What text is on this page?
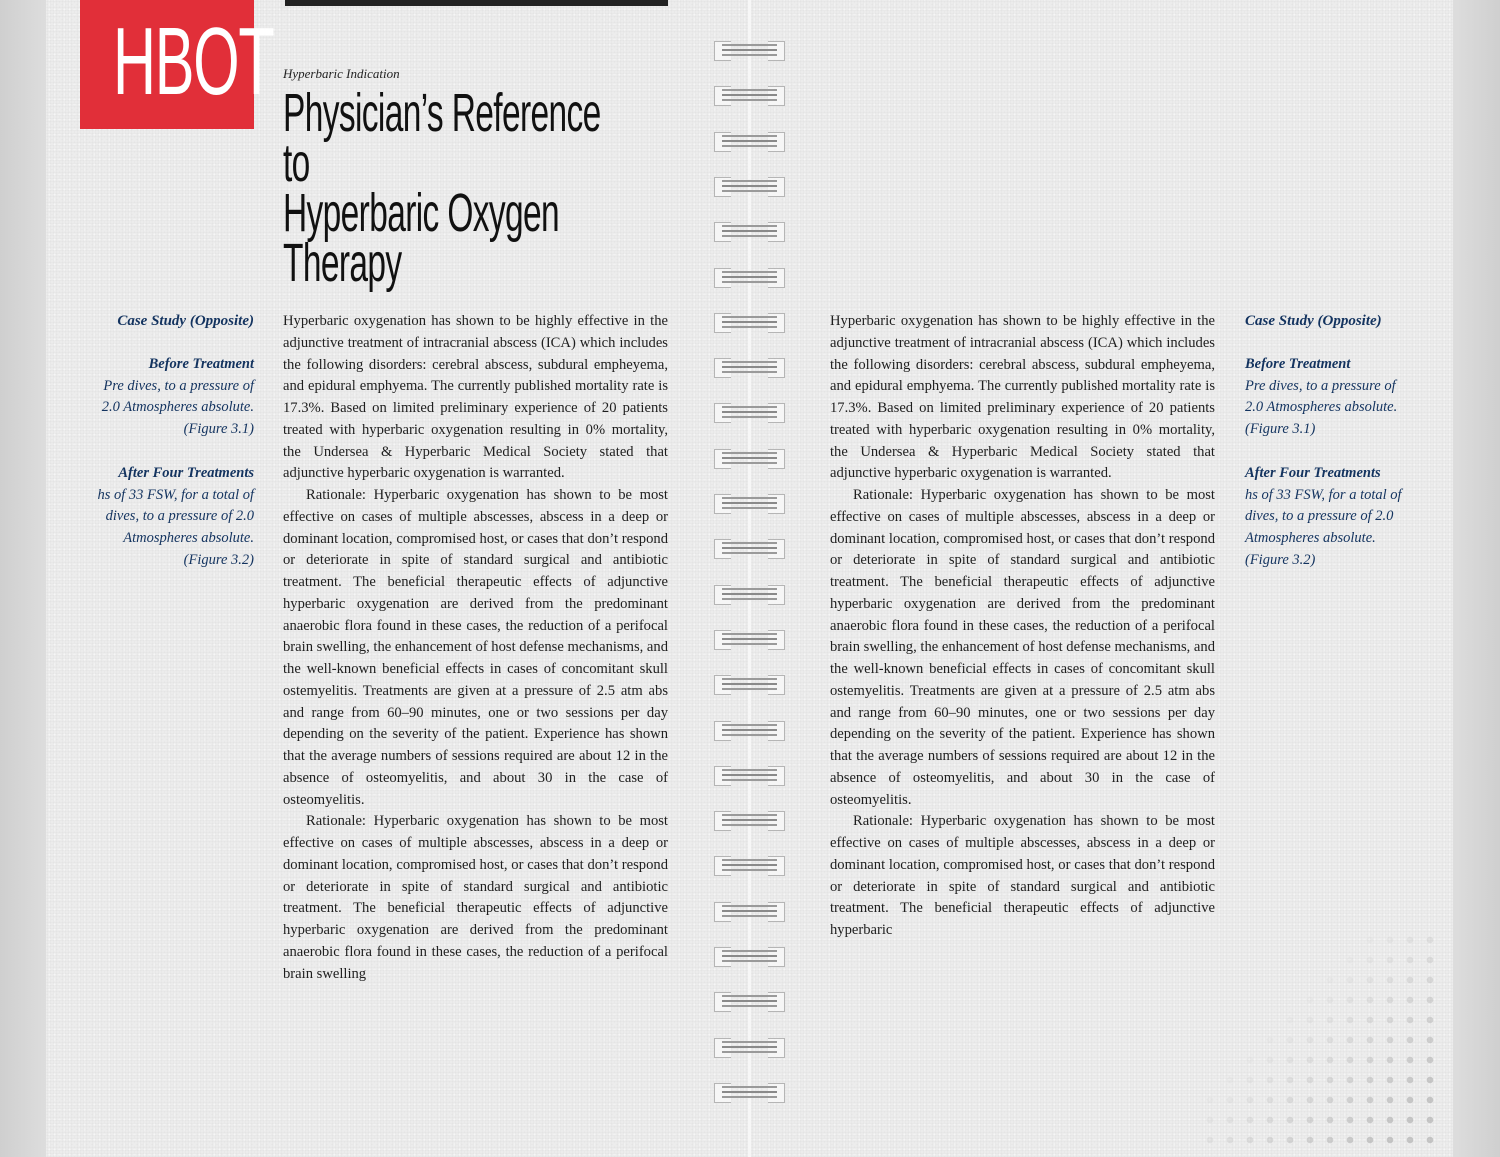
HBOT Hyperbaric Indication
Physician’s Reference to
Hyperbaric Oxygen Therapy
Case Study (Opposite)
Before Treatment
Pre dives, to a pressure of 2.0 Atmospheres absolute.
(Figure 3.1)
After Four Treatments
hs of 33 FSW, for a total of dives, to a pressure of 2.0 Atmospheres absolute.
(Figure 3.2)
Case Study (Opposite)
Before Treatment
Pre dives, to a pressure of 2.0 Atmospheres absolute.
(Figure 3.1)
After Four Treatments
hs of 33 FSW, for a total of dives, to a pressure of 2.0 Atmospheres absolute.
(Figure 3.2)

Hyperbaric oxygenation has shown to be highly effective in the adjunctive treatment of intracranial abscess (ICA) which includes the following disorders: cerebral abscess, subdural empheyema, and epidural emphyema. The currently published mortality rate is 17.3%. Based on limited preliminary experience of 20 patients treated with hyperbaric oxygenation resulting in 0% mortality, the Undersea & Hyperbaric Medical Society stated that adjunctive hyperbaric oxygenation is warranted.

Rationale: Hyperbaric oxygenation has shown to be most effective on cases of multiple abscesses, abscess in a deep or dominant location, compromised host, or cases that don’t respond or deteriorate in spite of standard surgical and antibiotic treatment. The beneficial therapeutic effects of adjunctive hyperbaric oxygenation are derived from the predominant anaerobic flora found in these cases, the reduction of a perifocal brain swelling, the enhancement of host defense mechanisms, and the well-known beneficial effects in cases of concomitant skull ostemyelitis. Treatments are given at a pressure of 2.5 atm abs and range from 60–90 minutes, one or two sessions per day depending on the severity of the patient. Experience has shown that the average numbers of sessions required are about 12 in the absence of osteomyelitis, and about 30 in the case of osteomyelitis.

Rationale: Hyperbaric oxygenation has shown to be most effective on cases of multiple abscesses, abscess in a deep or dominant location, compromised host, or cases that don’t respond or deteriorate in spite of standard surgical and antibiotic treatment. The beneficial therapeutic effects of adjunctive hyperbaric oxygenation are derived from the predominant anaerobic flora found in these cases, the reduction of a perifocal brain swelling

Hyperbaric oxygenation has shown to be highly effective in the adjunctive treatment of intracranial abscess (ICA) which includes the following disorders: cerebral abscess, subdural empheyema, and epidural emphyema. The currently published mortality rate is 17.3%. Based on limited preliminary experience of 20 patients treated with hyperbaric oxygenation resulting in 0% mortality, the Undersea & Hyperbaric Medical Society stated that adjunctive hyperbaric oxygenation is warranted.

Rationale: Hyperbaric oxygenation has shown to be most effective on cases of multiple abscesses, abscess in a deep or dominant location, compromised host, or cases that don’t respond or deteriorate in spite of standard surgical and antibiotic treatment. The beneficial therapeutic effects of adjunctive hyperbaric oxygenation are derived from the predominant anaerobic flora found in these cases, the reduction of a perifocal brain swelling, the enhancement of host defense mechanisms, and the well-known beneficial effects in cases of concomitant skull ostemyelitis. Treatments are given at a pressure of 2.5 atm abs and range from 60–90 minutes, one or two sessions per day depending on the severity of the patient. Experience has shown that the average numbers of sessions required are about 12 in the absence of osteomyelitis, and about 30 in the case of osteomyelitis.

Rationale: Hyperbaric oxygenation has shown to be most effective on cases of multiple abscesses, abscess in a deep or dominant location, compromised host, or cases that don’t respond or deteriorate in spite of standard surgical and antibiotic treatment. The beneficial therapeutic effects of adjunctive hyperbaric
